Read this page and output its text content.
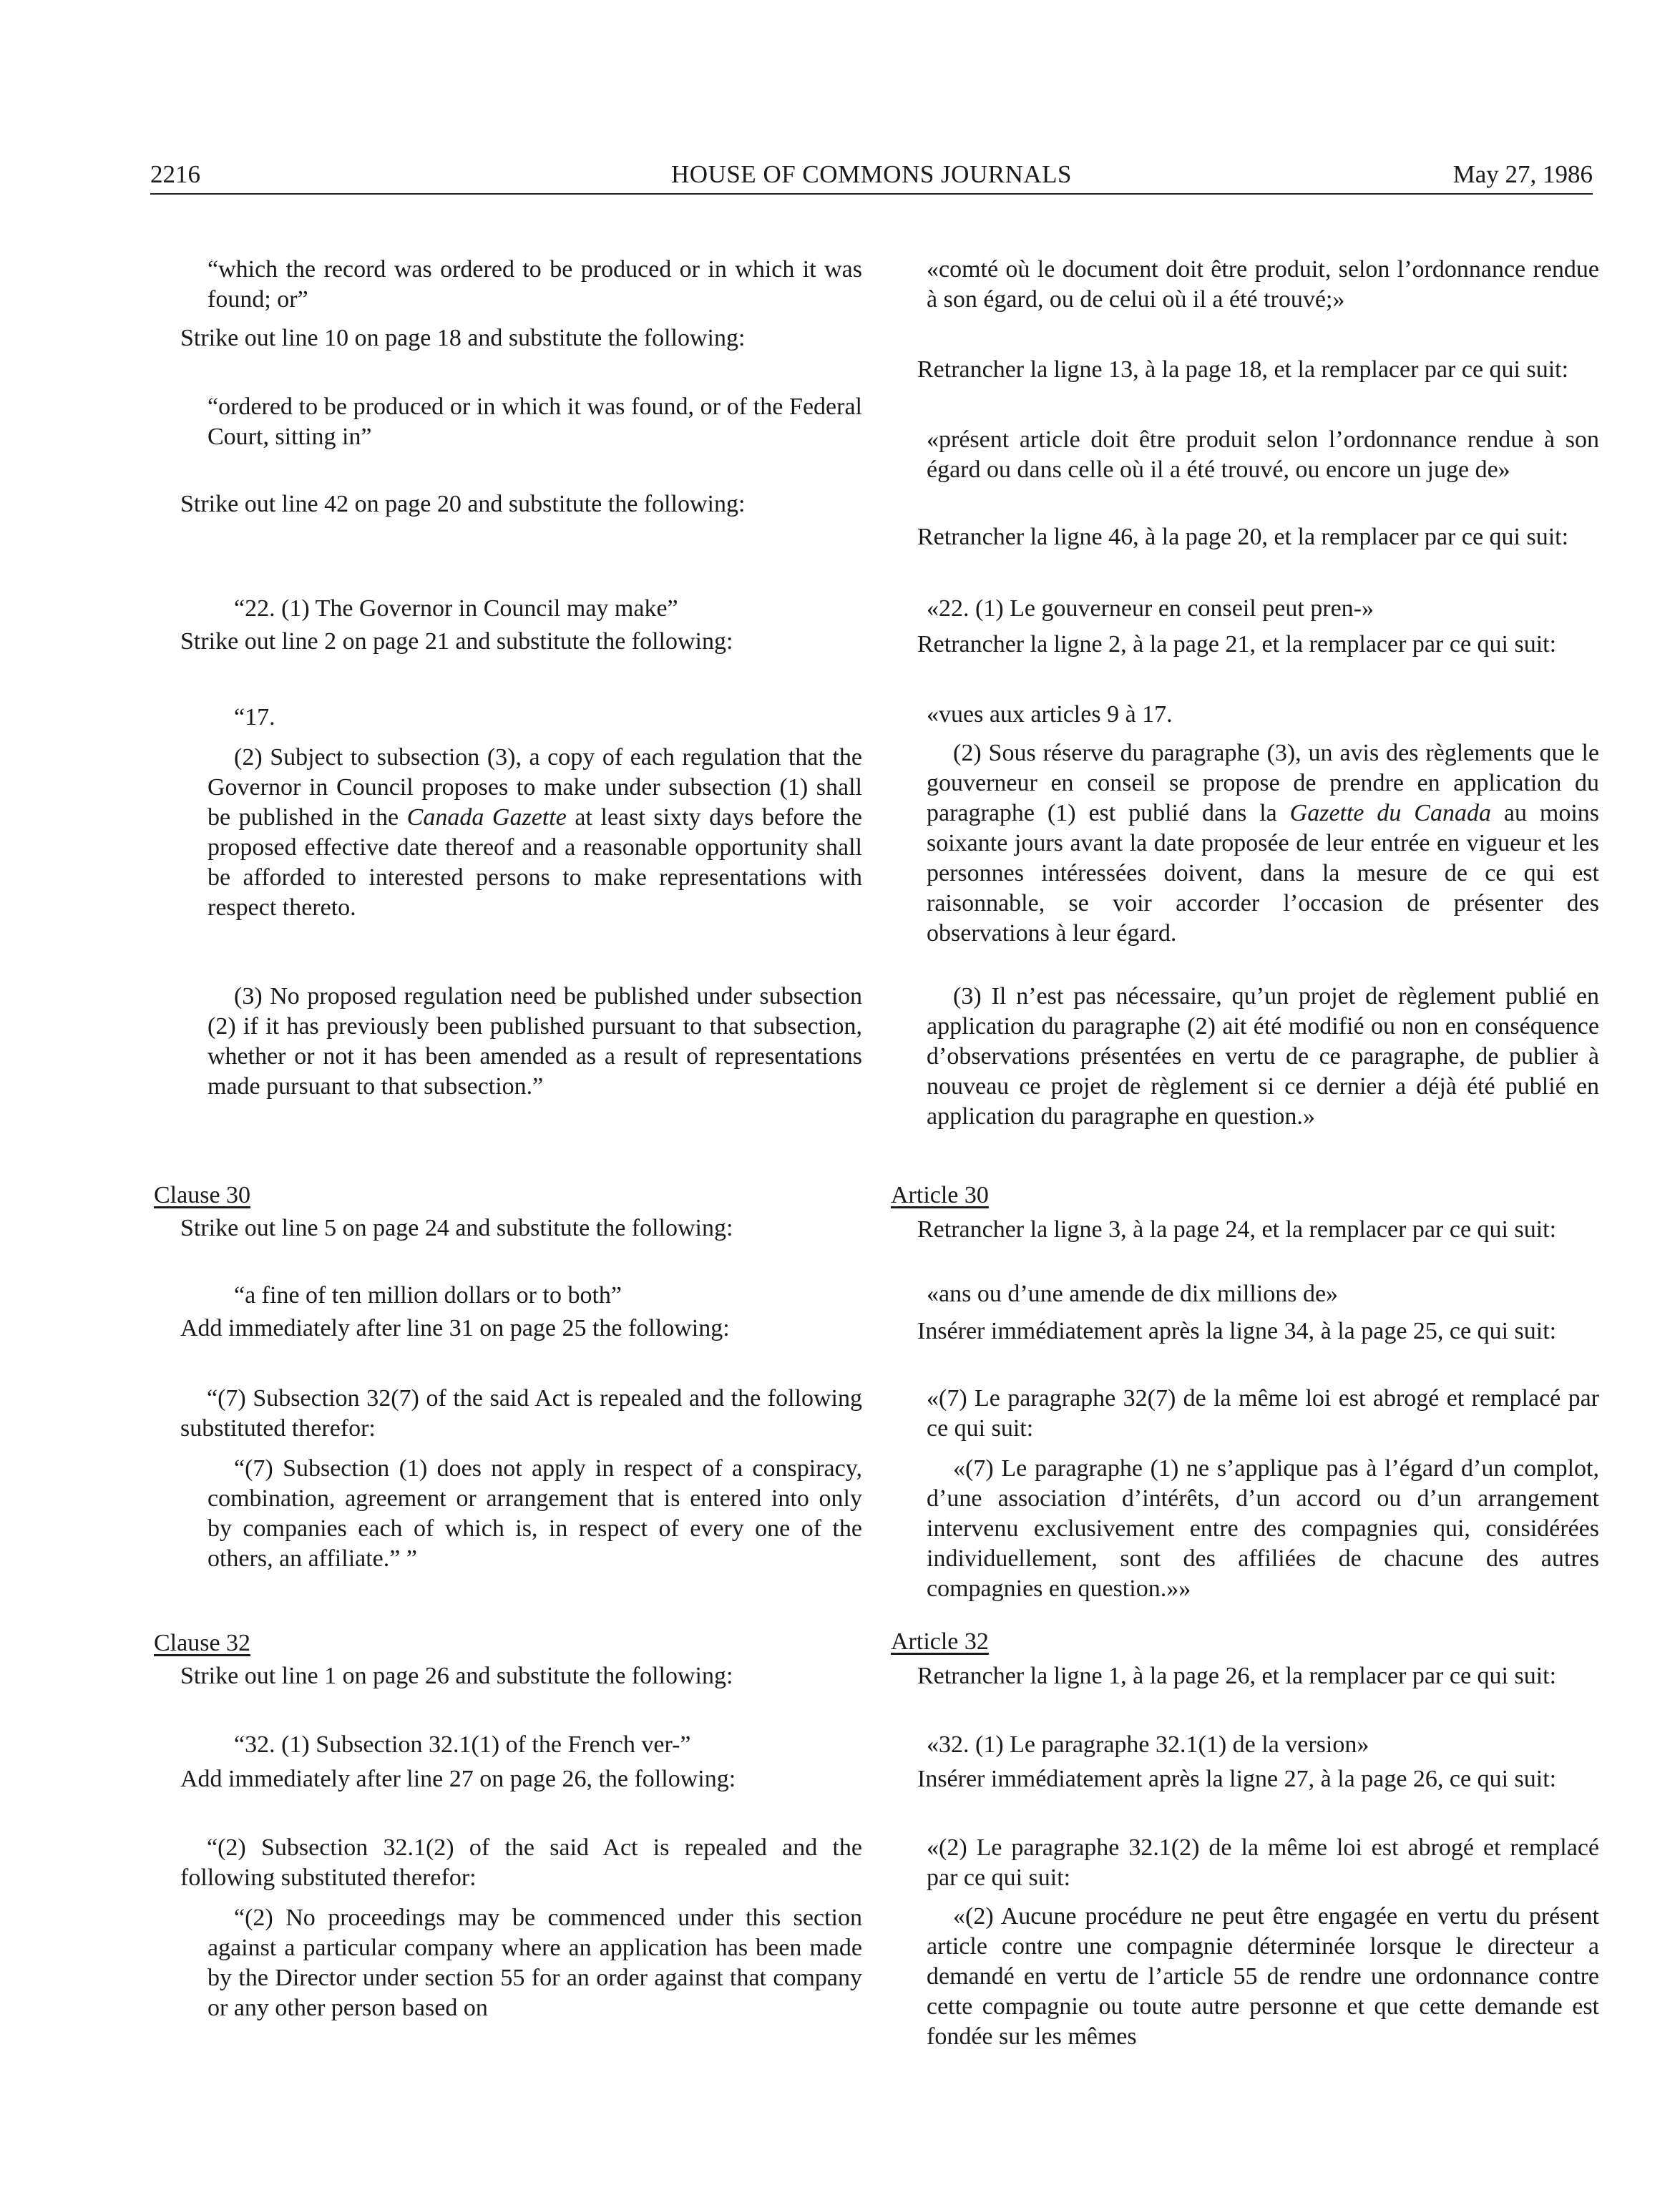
2216	HOUSE OF COMMONS JOURNALS	May 27, 1986
“which the record was ordered to be produced or in which it was found; or”
Strike out line 10 on page 18 and substitute the following:
“ordered to be produced or in which it was found, or of the Federal Court, sitting in”
Strike out line 42 on page 20 and substitute the following:
“22. (1) The Governor in Council may make”
Strike out line 2 on page 21 and substitute the following:
“17.
(2) Subject to subsection (3), a copy of each regulation that the Governor in Council proposes to make under subsection (1) shall be published in the Canada Gazette at least sixty days before the proposed effective date thereof and a reasonable opportunity shall be afforded to interested persons to make representations with respect thereto.
(3) No proposed regulation need be published under subsection (2) if it has previously been published pursuant to that subsection, whether or not it has been amended as a result of representations made pursuant to that subsection.”
Clause 30
Strike out line 5 on page 24 and substitute the following:
“a fine of ten million dollars or to both”
Add immediately after line 31 on page 25 the following:
“(7) Subsection 32(7) of the said Act is repealed and the following substituted therefor:
“(7) Subsection (1) does not apply in respect of a conspiracy, combination, agreement or arrangement that is entered into only by companies each of which is, in respect of every one of the others, an affiliate.” ”
Clause 32
Strike out line 1 on page 26 and substitute the following:
“32. (1) Subsection 32.1(1) of the French ver-”
Add immediately after line 27 on page 26, the following:
“(2) Subsection 32.1(2) of the said Act is repealed and the following substituted therefor:
“(2) No proceedings may be commenced under this section against a particular company where an application has been made by the Director under section 55 for an order against that company or any other person based on
«comté où le document doit être produit, selon l’ordonnance rendue à son égard, ou de celui où il a été trouvé;»
Retrancher la ligne 13, à la page 18, et la remplacer par ce qui suit:
«présent article doit être produit selon l’ordonnance rendue à son égard ou dans celle où il a été trouvé, ou encore un juge de»
Retrancher la ligne 46, à la page 20, et la remplacer par ce qui suit:
«22. (1) Le gouverneur en conseil peut pren-»
Retrancher la ligne 2, à la page 21, et la remplacer par ce qui suit:
«vues aux articles 9 à 17.
(2) Sous réserve du paragraphe (3), un avis des règlements que le gouverneur en conseil se propose de prendre en application du paragraphe (1) est publié dans la Gazette du Canada au moins soixante jours avant la date proposée de leur entrée en vigueur et les personnes intéressées doivent, dans la mesure de ce qui est raisonnable, se voir accorder l’occasion de présenter des observations à leur égard.
(3) Il n’est pas nécessaire, qu’un projet de règlement publié en application du paragraphe (2) ait été modifié ou non en conséquence d’observations présentées en vertu de ce paragraphe, de publier à nouveau ce projet de règlement si ce dernier a déjà été publié en application du paragraphe en question.»
Article 30
Retrancher la ligne 3, à la page 24, et la remplacer par ce qui suit:
«ans ou d’une amende de dix millions de»
Insérer immédiatement après la ligne 34, à la page 25, ce qui suit:
«(7) Le paragraphe 32(7) de la même loi est abrogé et remplacé par ce qui suit:
«(7) Le paragraphe (1) ne s’applique pas à l’égard d’un complot, d’une association d’intérêts, d’un accord ou d’un arrangement intervenu exclusivement entre des compagnies qui, considérées individuellement, sont des affiliées de chacune des autres compagnies en question.»»
Article 32
Retrancher la ligne 1, à la page 26, et la remplacer par ce qui suit:
«32. (1) Le paragraphe 32.1(1) de la version»
Insérer immédiatement après la ligne 27, à la page 26, ce qui suit:
«(2) Le paragraphe 32.1(2) de la même loi est abrogé et remplacé par ce qui suit:
«(2) Aucune procédure ne peut être engagée en vertu du présent article contre une compagnie déterminée lorsque le directeur a demandé en vertu de l’article 55 de rendre une ordonnance contre cette compagnie ou toute autre personne et que cette demande est fondée sur les mêmes
